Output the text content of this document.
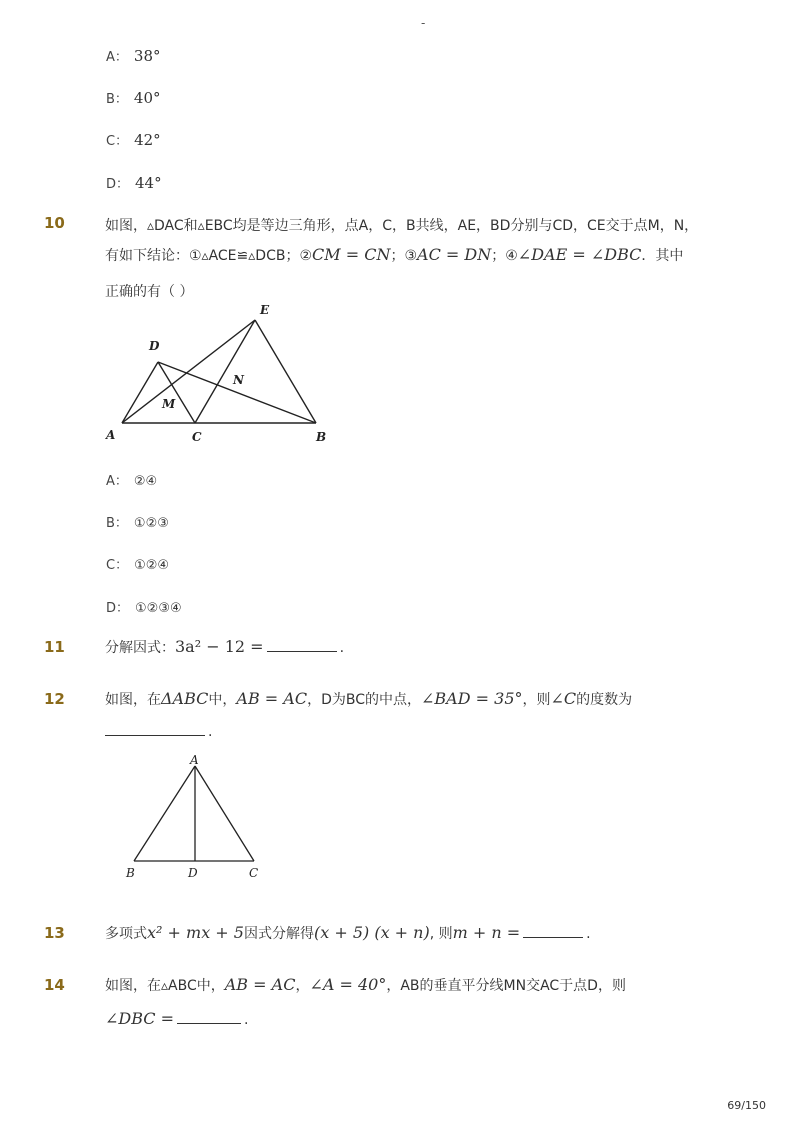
-
A： 38°
B： 40°
C： 42°
D： 44°
10	如图，▵DAC和▵EBC均是等边三角形，点A，C，B共线，AE，BD分别与CD，CE交于点M，N，
有如下结论：①▵ACE≌▵DCB；②CM = CN；③AC = DN；④∠DAE = ∠DBC．其中
正确的有（ ）
A	C	B
D
E
M
N
A： ②④
B： ①②③
C： ①②④
D： ①②③④
11	分解因式：3a² − 12 =	.
12	如图，在ΔABC中，AB = AC，D为BC的中点，∠BAD = 35°，则∠C的度数为
.
A
B	D	C
13	多项式x² + mx + 5因式分解得(x + 5) (x + n), 则m + n =	.
14	如图，在▵ABC中，AB = AC，∠A = 40°，AB的垂直平分线MN交AC于点D，则
∠DBC =	.
69/150
